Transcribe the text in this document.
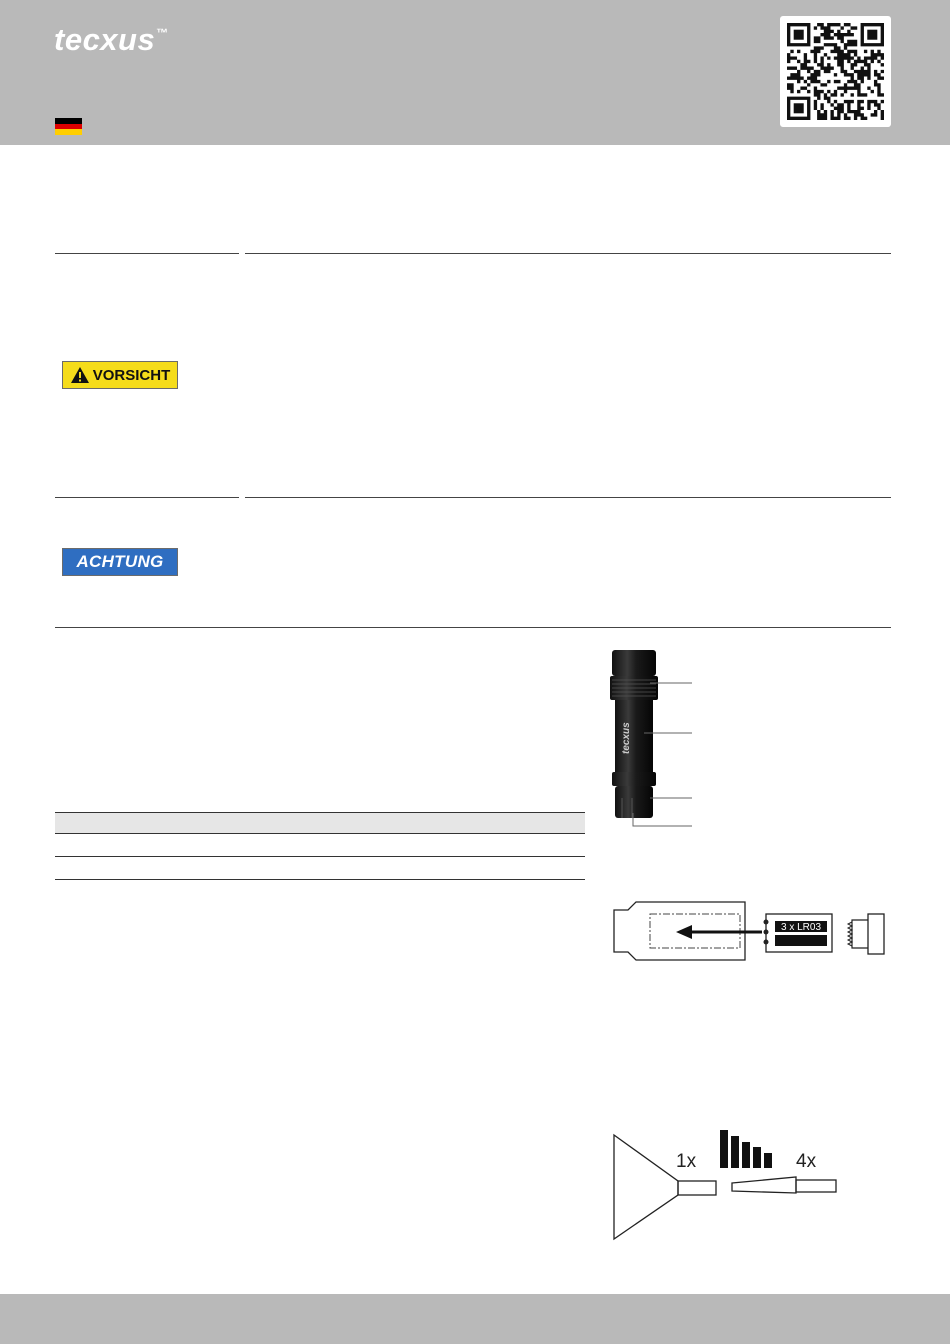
tecxus™
VORSICHT
ACHTUNG
tecxus
3 x LR03
1x	4x
